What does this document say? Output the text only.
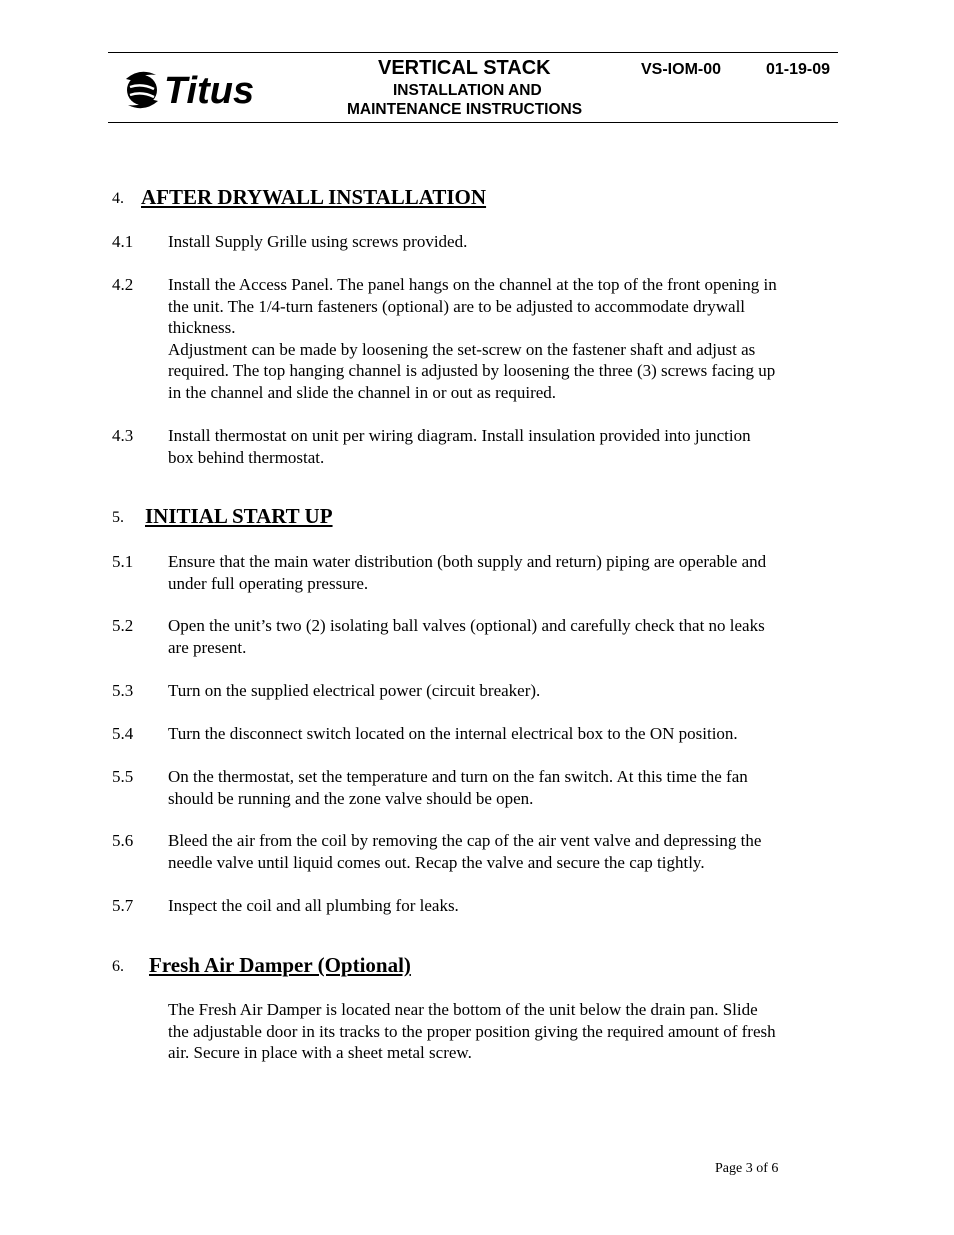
Titus
VERTICAL STACK	VS-IOM-00	01-19-09
INSTALLATION AND
MAINTENANCE INSTRUCTIONS
4. AFTER DRYWALL INSTALLATION
4.1 Install Supply Grille using screws provided.

4.2 Install the Access Panel. The panel hangs on the channel at the top of the front opening in
the unit. The 1/4-turn fasteners (optional) are to be adjusted to accommodate drywall
thickness.
Adjustment can be made by loosening the set-screw on the fastener shaft and adjust as
required. The top hanging channel is adjusted by loosening the three (3) screws facing up
in the channel and slide the channel in or out as required.

4.3 Install thermostat on unit per wiring diagram. Install insulation provided into junction
box behind thermostat.

5. INITIAL START UP
5.1 Ensure that the main water distribution (both supply and return) piping are operable and
under full operating pressure.

5.2 Open the unit’s two (2) isolating ball valves (optional) and carefully check that no leaks
are present.

5.3 Turn on the supplied electrical power (circuit breaker).

5.4 Turn the disconnect switch located on the internal electrical box to the ON position.

5.5 On the thermostat, set the temperature and turn on the fan switch. At this time the fan
should be running and the zone valve should be open.

5.6 Bleed the air from the coil by removing the cap of the air vent valve and depressing the
needle valve until liquid comes out. Recap the valve and secure the cap tightly.

5.7 Inspect the coil and all plumbing for leaks.

6. Fresh Air Damper (Optional)

The Fresh Air Damper is located near the bottom of the unit below the drain pan. Slide
the adjustable door in its tracks to the proper position giving the required amount of fresh
air. Secure in place with a sheet metal screw.

Page 3 of 6
